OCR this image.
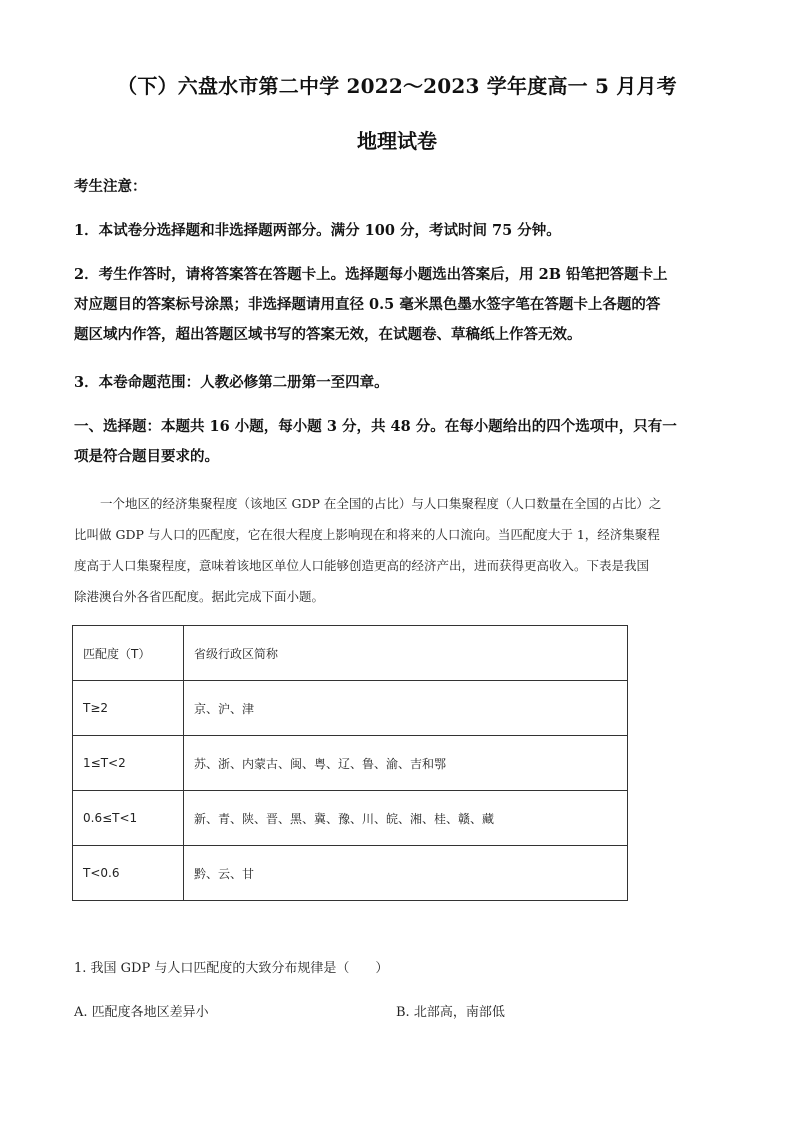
（下）六盘水市第二中学 2022～2023 学年度高一 5 月月考
地理试卷
考生注意：
1．本试卷分选择题和非选择题两部分。满分 100 分，考试时间 75 分钟。
2．考生作答时，请将答案答在答题卡上。选择题每小题选出答案后，用 2B 铅笔把答题卡上
对应题目的答案标号涂黑；非选择题请用直径 0.5 毫米黑色墨水签字笔在答题卡上各题的答
题区域内作答，超出答题区域书写的答案无效，在试题卷、草稿纸上作答无效。
3．本卷命题范围：人教必修第二册第一至四章。
一、选择题：本题共 16 小题，每小题 3 分，共 48 分。在每小题给出的四个选项中，只有一
项是符合题目要求的。
一个地区的经济集聚程度（该地区 GDP 在全国的占比）与人口集聚程度（人口数量在全国的占比）之
比叫做 GDP 与人口的匹配度，它在很大程度上影响现在和将来的人口流向。当匹配度大于 1，经济集聚程
度高于人口集聚程度，意味着该地区单位人口能够创造更高的经济产出，进而获得更高收入。下表是我国
除港澳台外各省匹配度。据此完成下面小题。
匹配度（T）	省级行政区简称
T≥2	京、沪、津
1≤T<2	苏、浙、内蒙古、闽、粤、辽、鲁、渝、吉和鄂
0.6≤T<1	新、青、陕、晋、黑、冀、豫、川、皖、湘、桂、赣、藏
T<0.6	黔、云、甘
1. 我国 GDP 与人口匹配度的大致分布规律是（　　）
A. 匹配度各地区差异小	B. 北部高，南部低
